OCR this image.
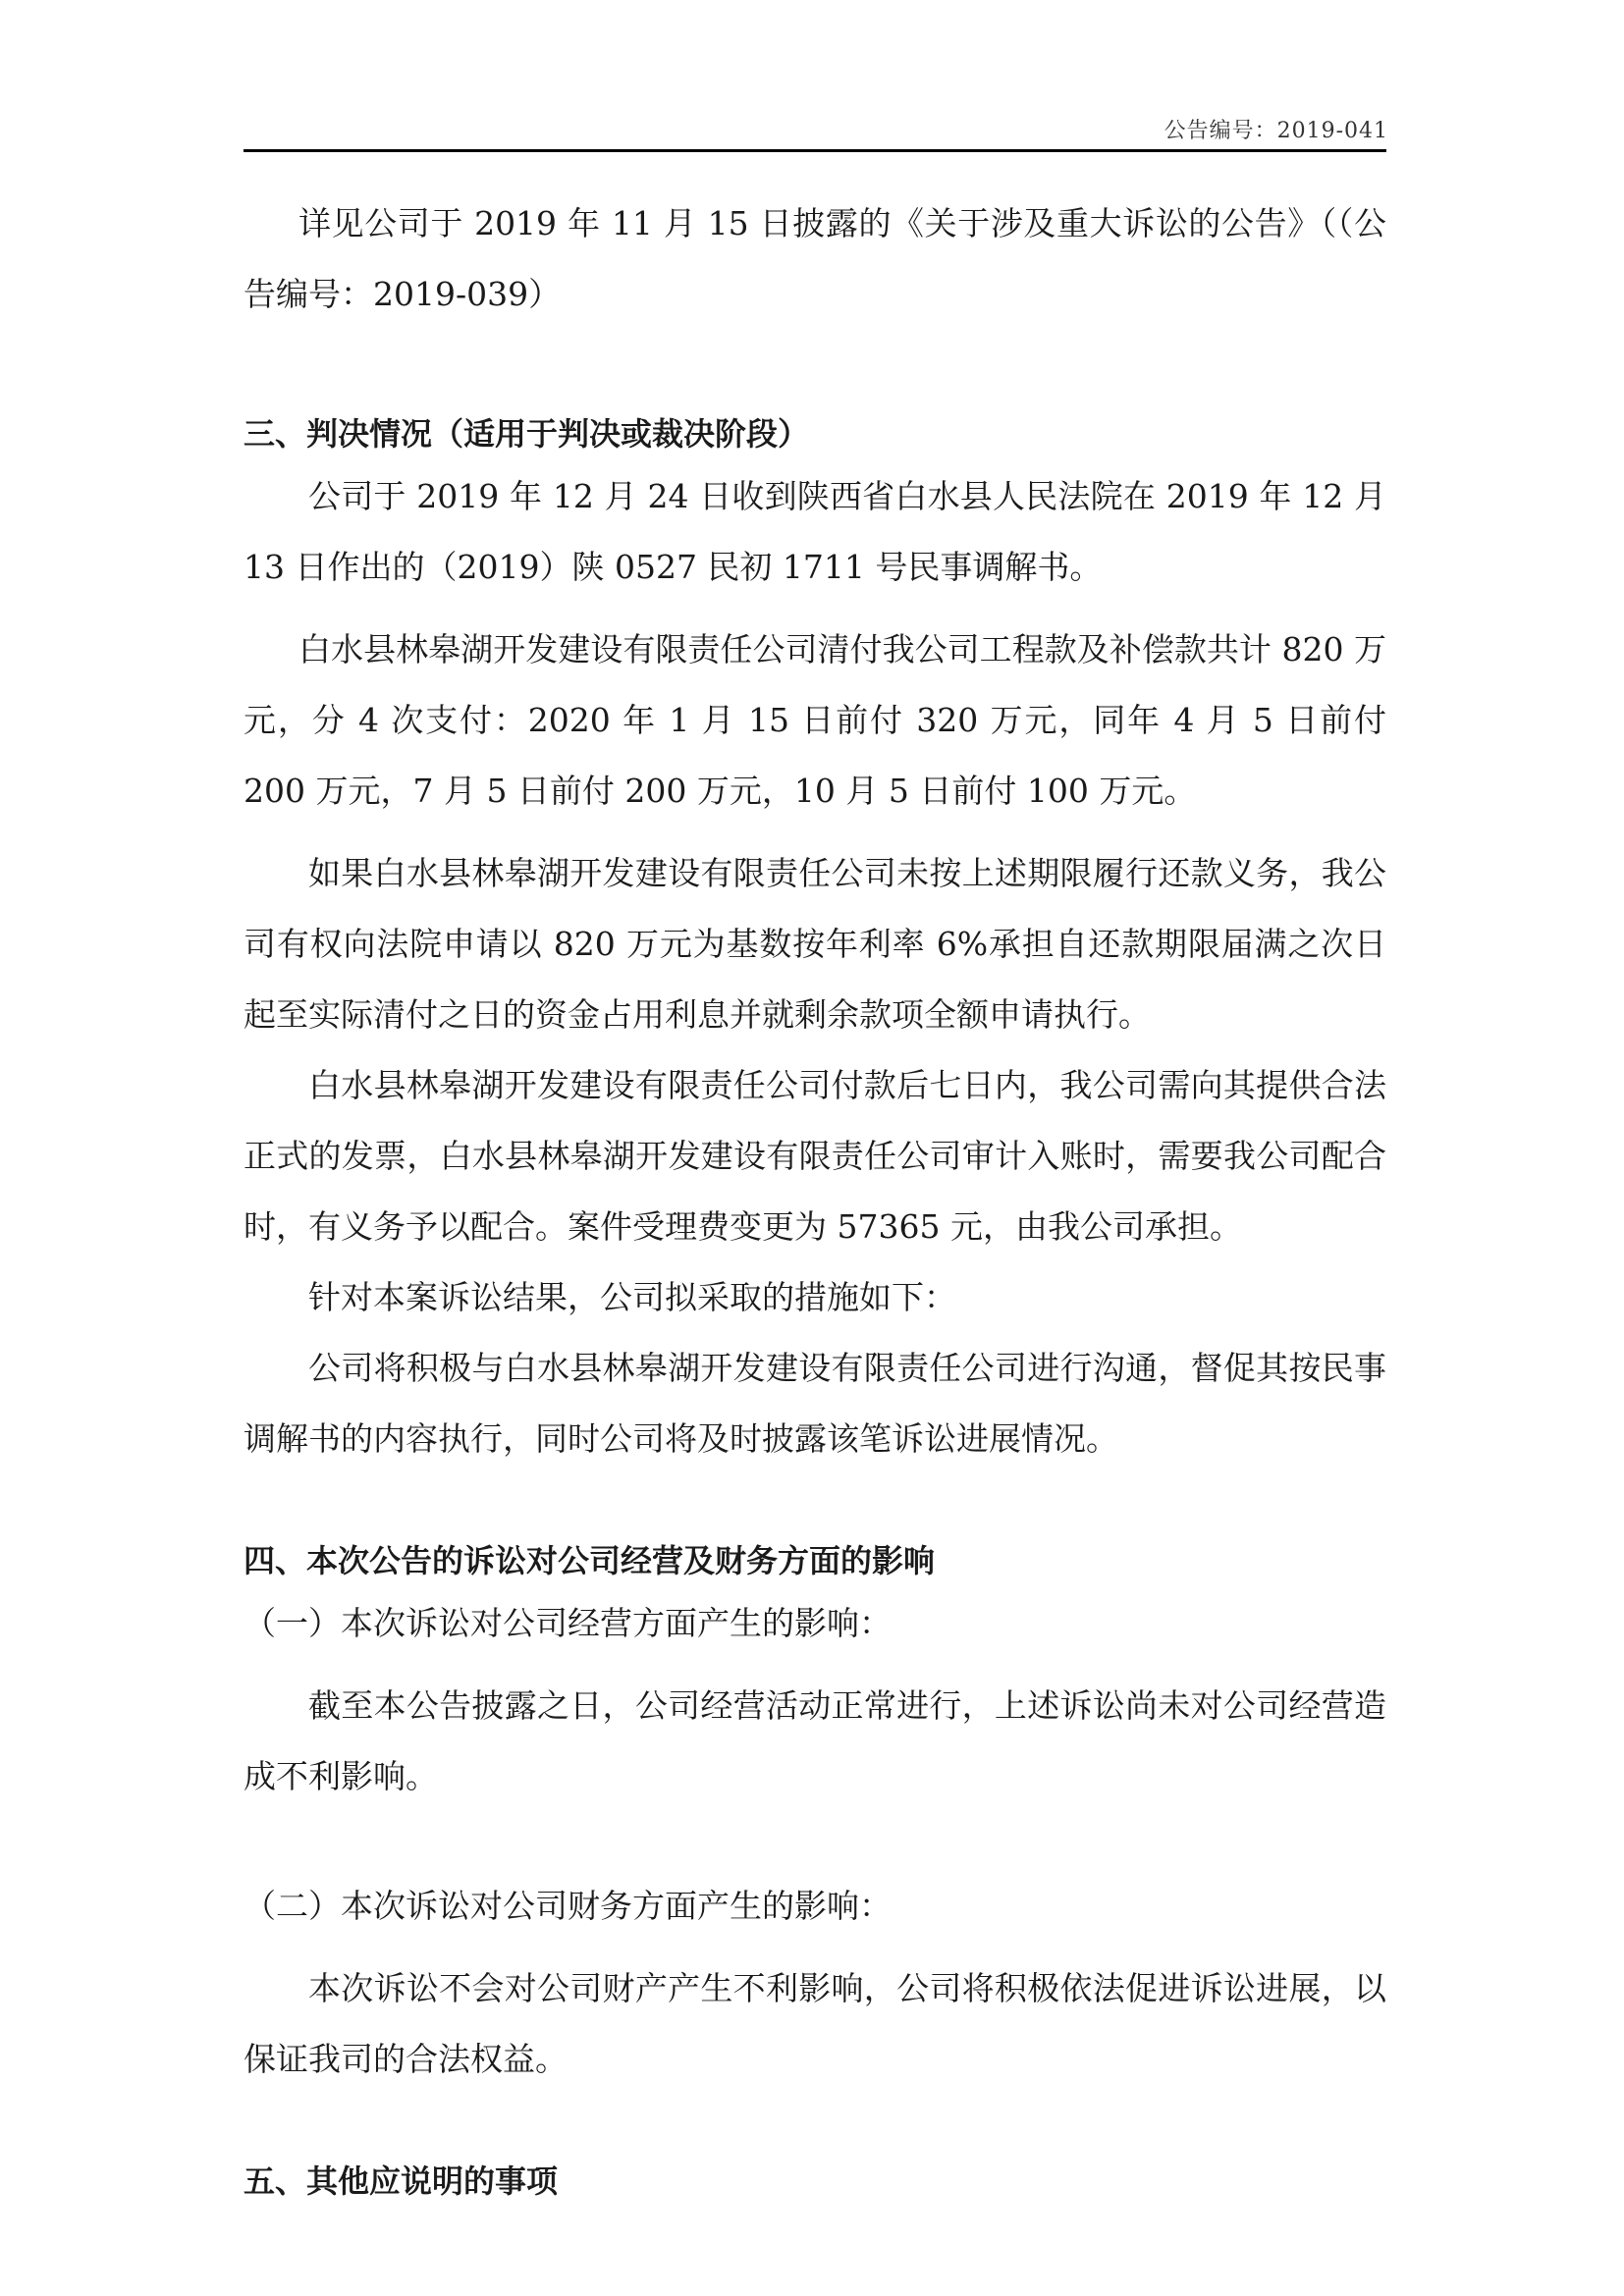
公告编号：2019-041

详见公司于 2019 年 11 月 15 日披露的《关于涉及重大诉讼的公告》（（公告编号：2019-039）

三、判决情况（适用于判决或裁决阶段）

公司于 2019 年 12 月 24 日收到陕西省白水县人民法院在 2019 年 12 月 13 日作出的（2019）陕 0527 民初 1711 号民事调解书。

白水县林皋湖开发建设有限责任公司清付我公司工程款及补偿款共计 820 万元，分 4 次支付：2020 年 1 月 15 日前付 320 万元，同年 4 月 5 日前付 200 万元，7 月 5 日前付 200 万元，10 月 5 日前付 100 万元。

如果白水县林皋湖开发建设有限责任公司未按上述期限履行还款义务，我公司有权向法院申请以 820 万元为基数按年利率 6%承担自还款期限届满之次日起至实际清付之日的资金占用利息并就剩余款项全额申请执行。

白水县林皋湖开发建设有限责任公司付款后七日内，我公司需向其提供合法正式的发票，白水县林皋湖开发建设有限责任公司审计入账时，需要我公司配合时，有义务予以配合。案件受理费变更为 57365 元，由我公司承担。

针对本案诉讼结果，公司拟采取的措施如下：

公司将积极与白水县林皋湖开发建设有限责任公司进行沟通，督促其按民事调解书的内容执行，同时公司将及时披露该笔诉讼进展情况。

四、本次公告的诉讼对公司经营及财务方面的影响

（一）本次诉讼对公司经营方面产生的影响：

截至本公告披露之日，公司经营活动正常进行，上述诉讼尚未对公司经营造成不利影响。

（二）本次诉讼对公司财务方面产生的影响：

本次诉讼不会对公司财产产生不利影响，公司将积极依法促进诉讼进展，以保证我司的合法权益。

五、其他应说明的事项
